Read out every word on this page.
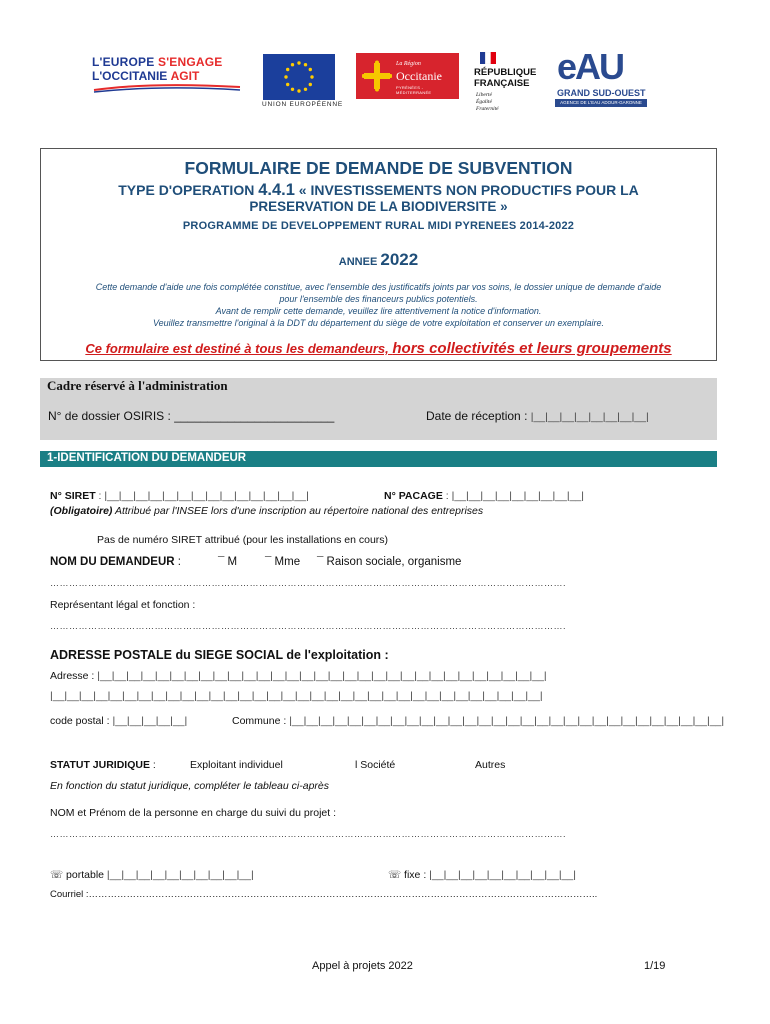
L'EUROPE S'ENGAGE
L'OCCITANIE AGIT
UNION EUROPÉENNE
La Région
Occitanie
PYRÉNÉES - MÉDITERRANÉE
RÉPUBLIQUE
FRANÇAISE
Liberté
Égalité
Fraternité
eAU
GRAND SUD-OUEST
AGENCE DE L'EAU ADOUR-GARONNE
FORMULAIRE DE DEMANDE DE SUBVENTION
TYPE D'OPERATION 4.4.1 « INVESTISSEMENTS NON PRODUCTIFS POUR LA
PRESERVATION DE LA BIODIVERSITE »
PROGRAMME DE DEVELOPPEMENT RURAL MIDI PYRENEES 2014-2022
ANNEE 2022
Cette demande d'aide une fois complétée constitue, avec l'ensemble des justificatifs joints par vos soins, le dossier unique de demande d'aide
pour l'ensemble des financeurs publics potentiels.
Avant de remplir cette demande, veuillez lire attentivement la notice d'information.
Veuillez transmettre l'original à la DDT du département du siège de votre exploitation et conserver un exemplaire.
Ce formulaire est destiné à tous les demandeurs, hors collectivités et leurs groupements
Cadre réservé à l'administration
N° de dossier OSIRIS : ________________________	Date de réception : |__|__|__|__|__|__|__|__|
1-IDENTIFICATION DU DEMANDEUR
N° SIRET : |__|__|__|__|__|__|__|__|__|__|__|__|__|__|	N° PACAGE : |__|__|__|__|__|__|__|__|__|
(Obligatoire) Attribué par l'INSEE lors d'une inscription au répertoire national des entreprises
Pas de numéro SIRET attribué (pour les installations en cours)
NOM DU DEMANDEUR :	¯ M ¯ Mme ¯ Raison sociale, organisme
……………………………………………………………………………………………………………………………………………….
Représentant légal et fonction :
……………………………………………………………………………………………………………………………………………….
ADRESSE POSTALE du SIEGE SOCIAL de l'exploitation :
Adresse : |__|__|__|__|__|__|__|__|__|__|__|__|__|__|__|__|__|__|__|__|__|__|__|__|__|__|__|__|__|__|__|
|__|__|__|__|__|__|__|__|__|__|__|__|__|__|__|__|__|__|__|__|__|__|__|__|__|__|__|__|__|__|__|__|__|__|
code postal : |__|__|__|__|__|	Commune : |__|__|__|__|__|__|__|__|__|__|__|__|__|__|__|__|__|__|__|__|__|__|__|__|__|__|__|__|__|__|
STATUT JURIDIQUE :	Exploitant individuel	l Société	Autres
En fonction du statut juridique, compléter le tableau ci-après
NOM et Prénom de la personne en charge du suivi du projet :
……………………………………………………………………………………………………………………………………………….
☏ portable |__|__|__|__|__|__|__|__|__|__|	☏ fixe : |__|__|__|__|__|__|__|__|__|__|
Courriel :……………………………………………………………………………………………………………………………………………..
Appel à projets 2022	1/19
